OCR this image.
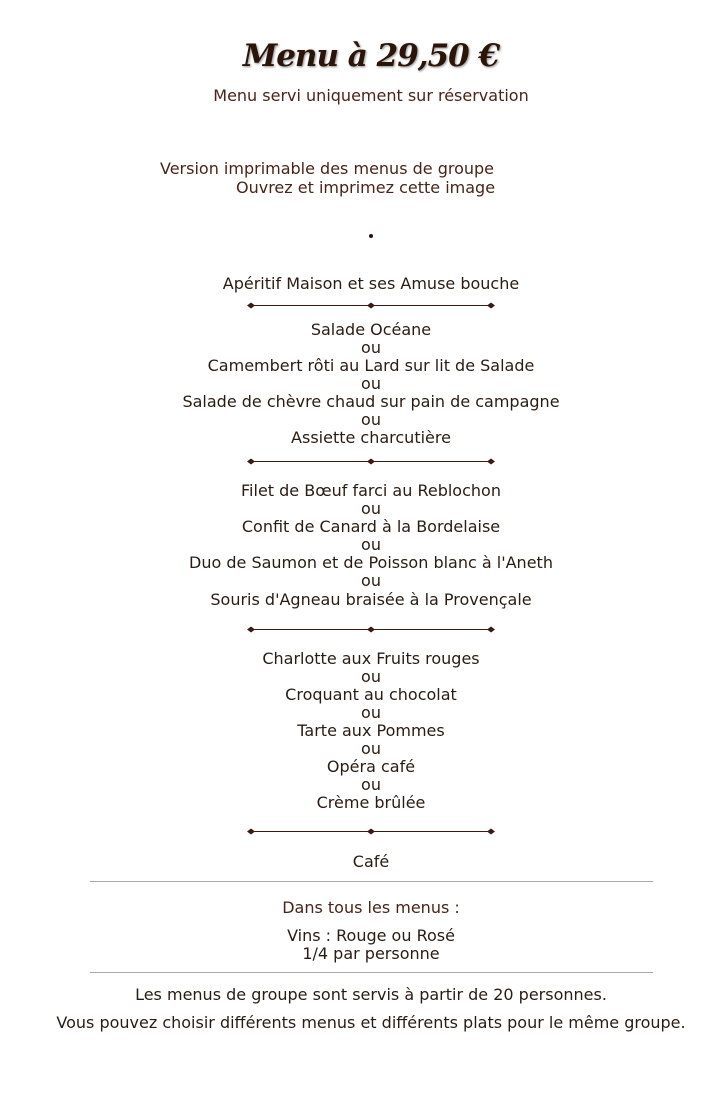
Menu à 29,50 €
Menu servi uniquement sur réservation
Version imprimable des menus de groupe
Ouvrez et imprimez cette image
Apéritif Maison et ses Amuse bouche
Salade Océane
ou
Camembert rôti au Lard sur lit de Salade
ou
Salade de chèvre chaud sur pain de campagne
ou
Assiette charcutière
Filet de Bœuf farci au Reblochon
ou
Confit de Canard à la Bordelaise
ou
Duo de Saumon et de Poisson blanc à l'Aneth
ou
Souris d'Agneau braisée à la Provençale
Charlotte aux Fruits rouges
ou
Croquant au chocolat
ou
Tarte aux Pommes
ou
Opéra café
ou
Crème brûlée
Café
Dans tous les menus :
Vins : Rouge ou Rosé
1/4 par personne
Les menus de groupe sont servis à partir de 20 personnes.
Vous pouvez choisir différents menus et différents plats pour le même groupe.
